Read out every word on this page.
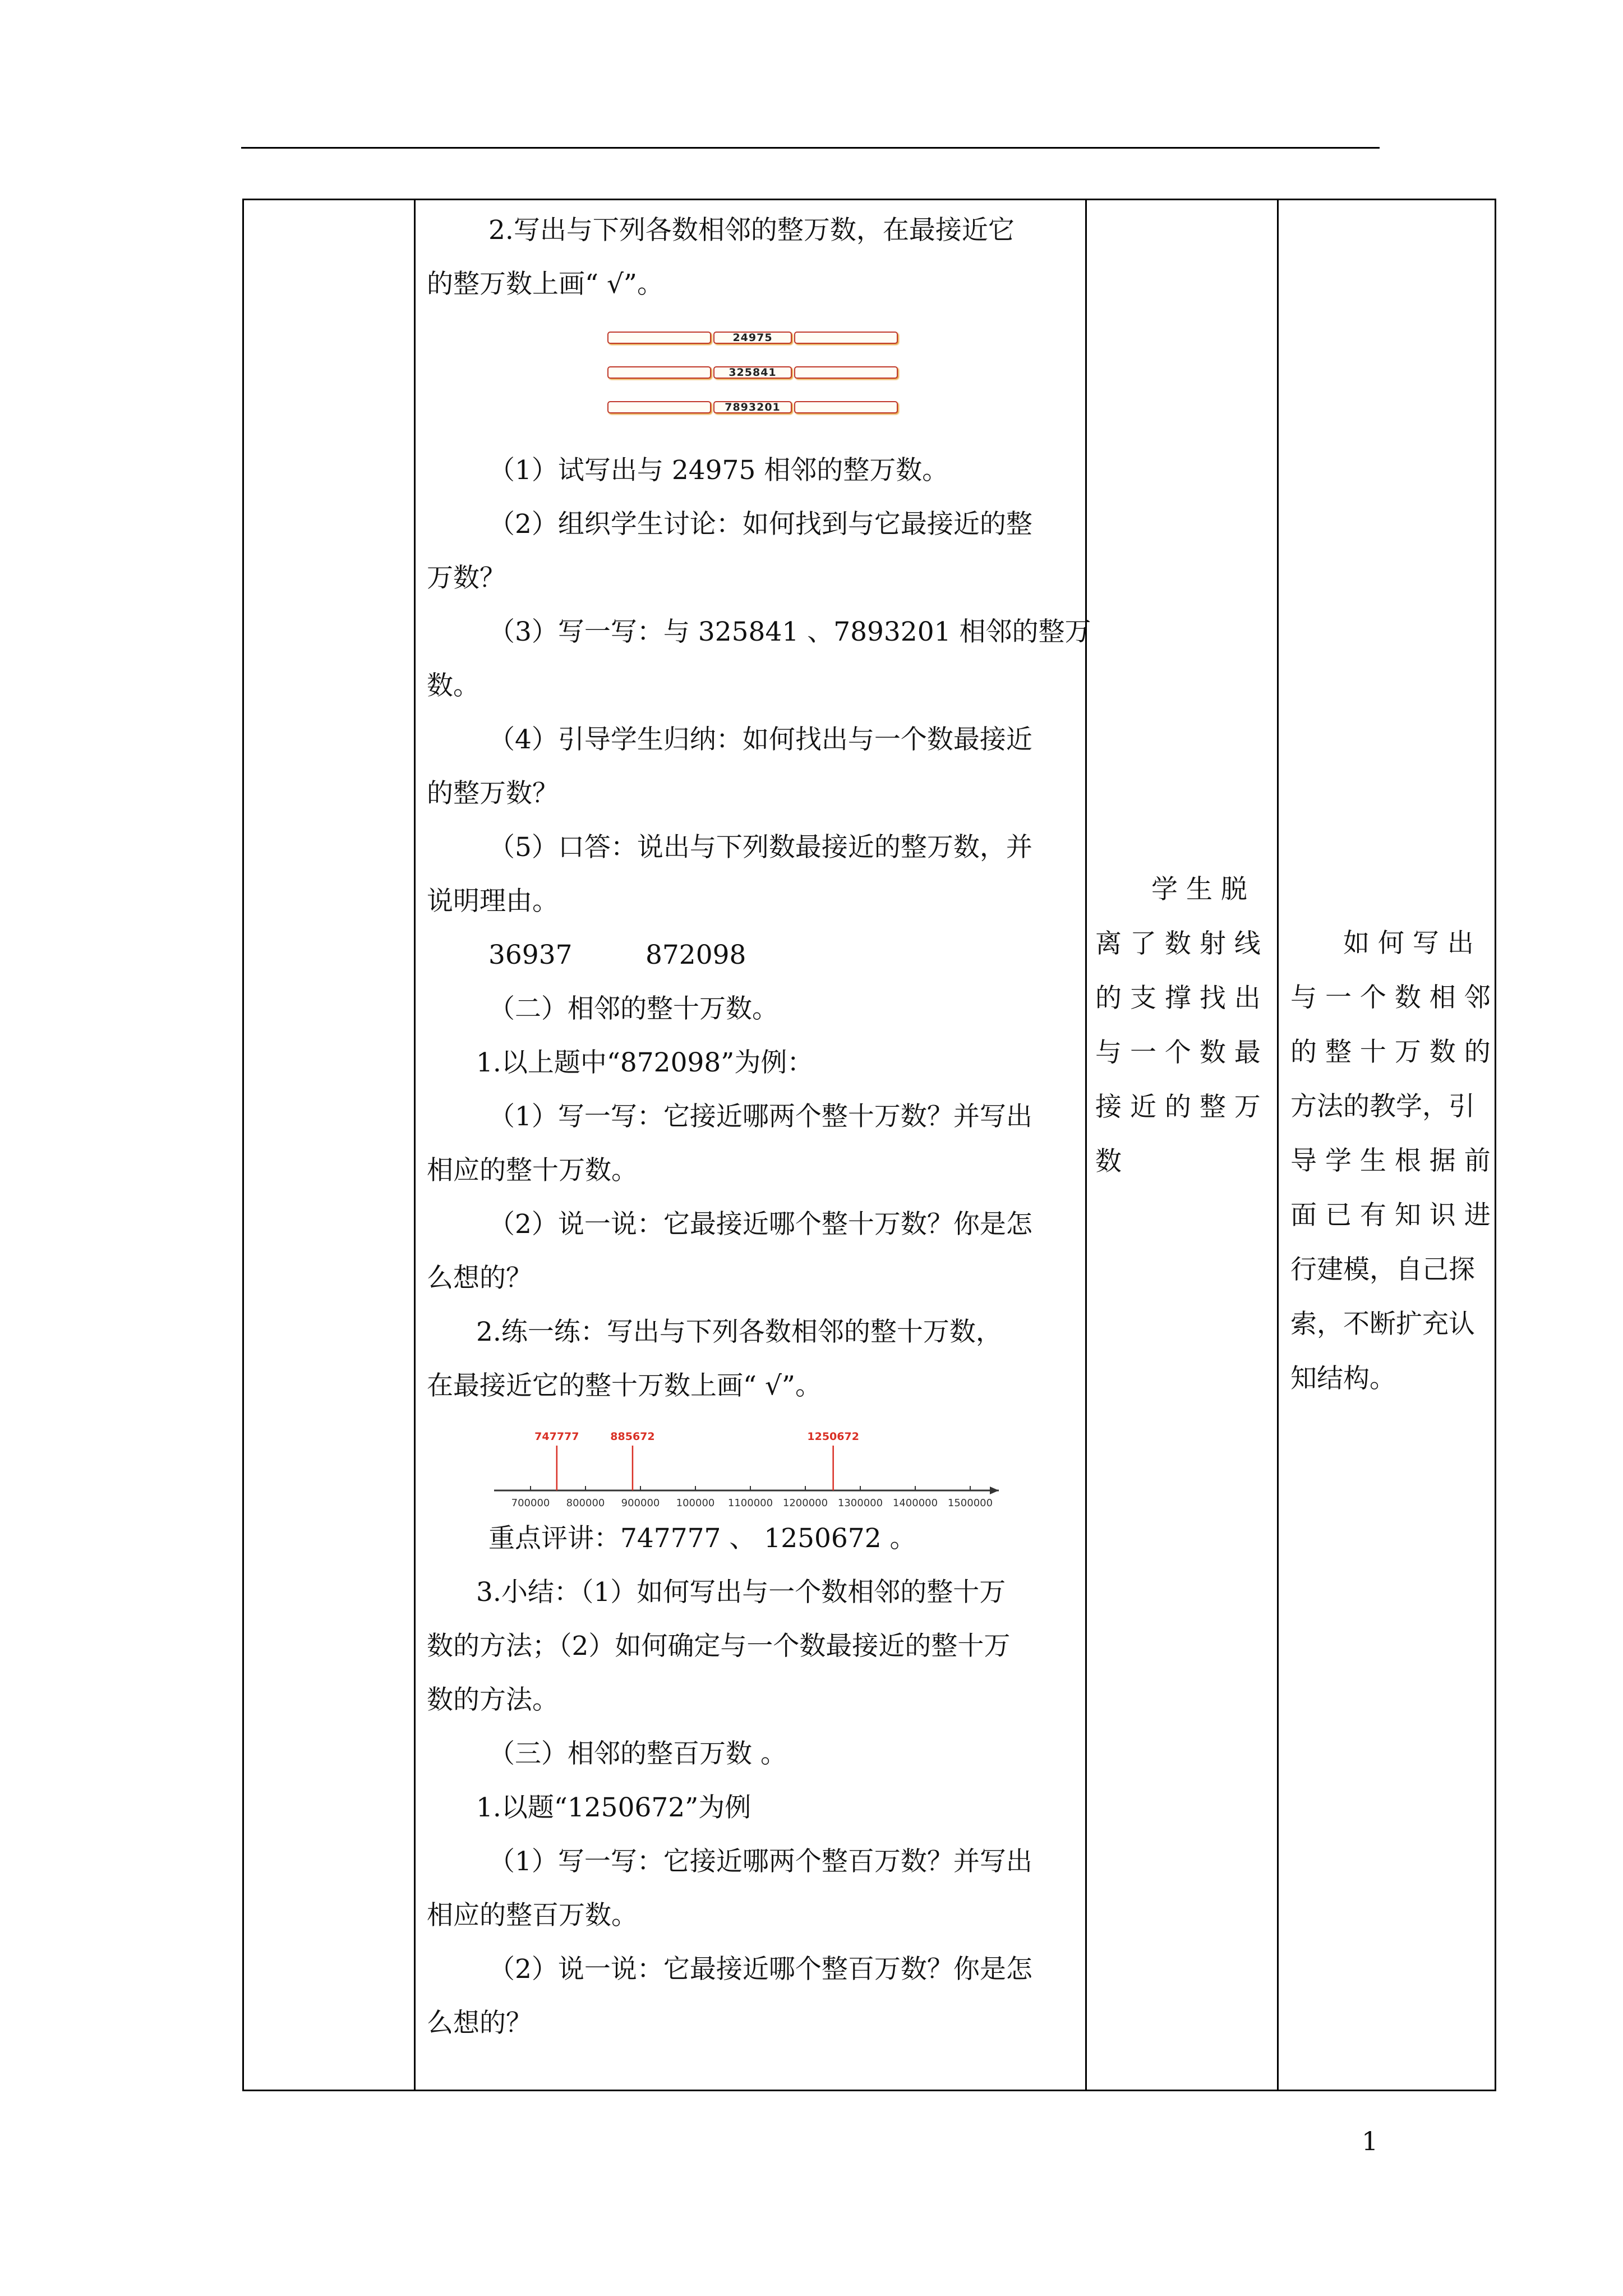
2.写出与下列各数相邻的整万数，在最接近它
的整万数上画“ √”。
24975
325841
7893201
（1）试写出与 24975 相邻的整万数。
（2）组织学生讨论：如何找到与它最接近的整
万数？
（3）写一写：与 325841 、7893201 相邻的整万
数。
（4）引导学生归纳：如何找出与一个数最接近
的整万数？
（5）口答：说出与下列数最接近的整万数，并
说明理由。
36937	872098
（二）相邻的整十万数。
1.以上题中“872098”为例：
（1）写一写：它接近哪两个整十万数？并写出
相应的整十万数。
（2）说一说：它最接近哪个整十万数？你是怎
么想的？
2.练一练：写出与下列各数相邻的整十万数，
在最接近它的整十万数上画“ √”。
700000 800000 900000 100000 1100000 1200000 1300000 1400000 1500000
747777	885672	1250672
重点评讲：747777 、 1250672 。
3.小结：（1）如何写出与一个数相邻的整十万
数的方法；（2）如何确定与一个数最接近的整十万
数的方法。
（三）相邻的整百万数 。
1.以题“1250672”为例
（1）写一写：它接近哪两个整百万数？并写出
相应的整百万数。
（2）说一说：它最接近哪个整百万数？你是怎
么想的？
学 生 脱
离 了 数 射 线
的 支 撑 找 出
与 一 个 数 最
接 近 的 整 万
数
如 何 写 出
与 一 个 数 相 邻
的 整 十 万 数 的
方法的教学，引
导 学 生 根 据 前
面 已 有 知 识 进
行建模，自己探
索，不断扩充认
知结构。
1
